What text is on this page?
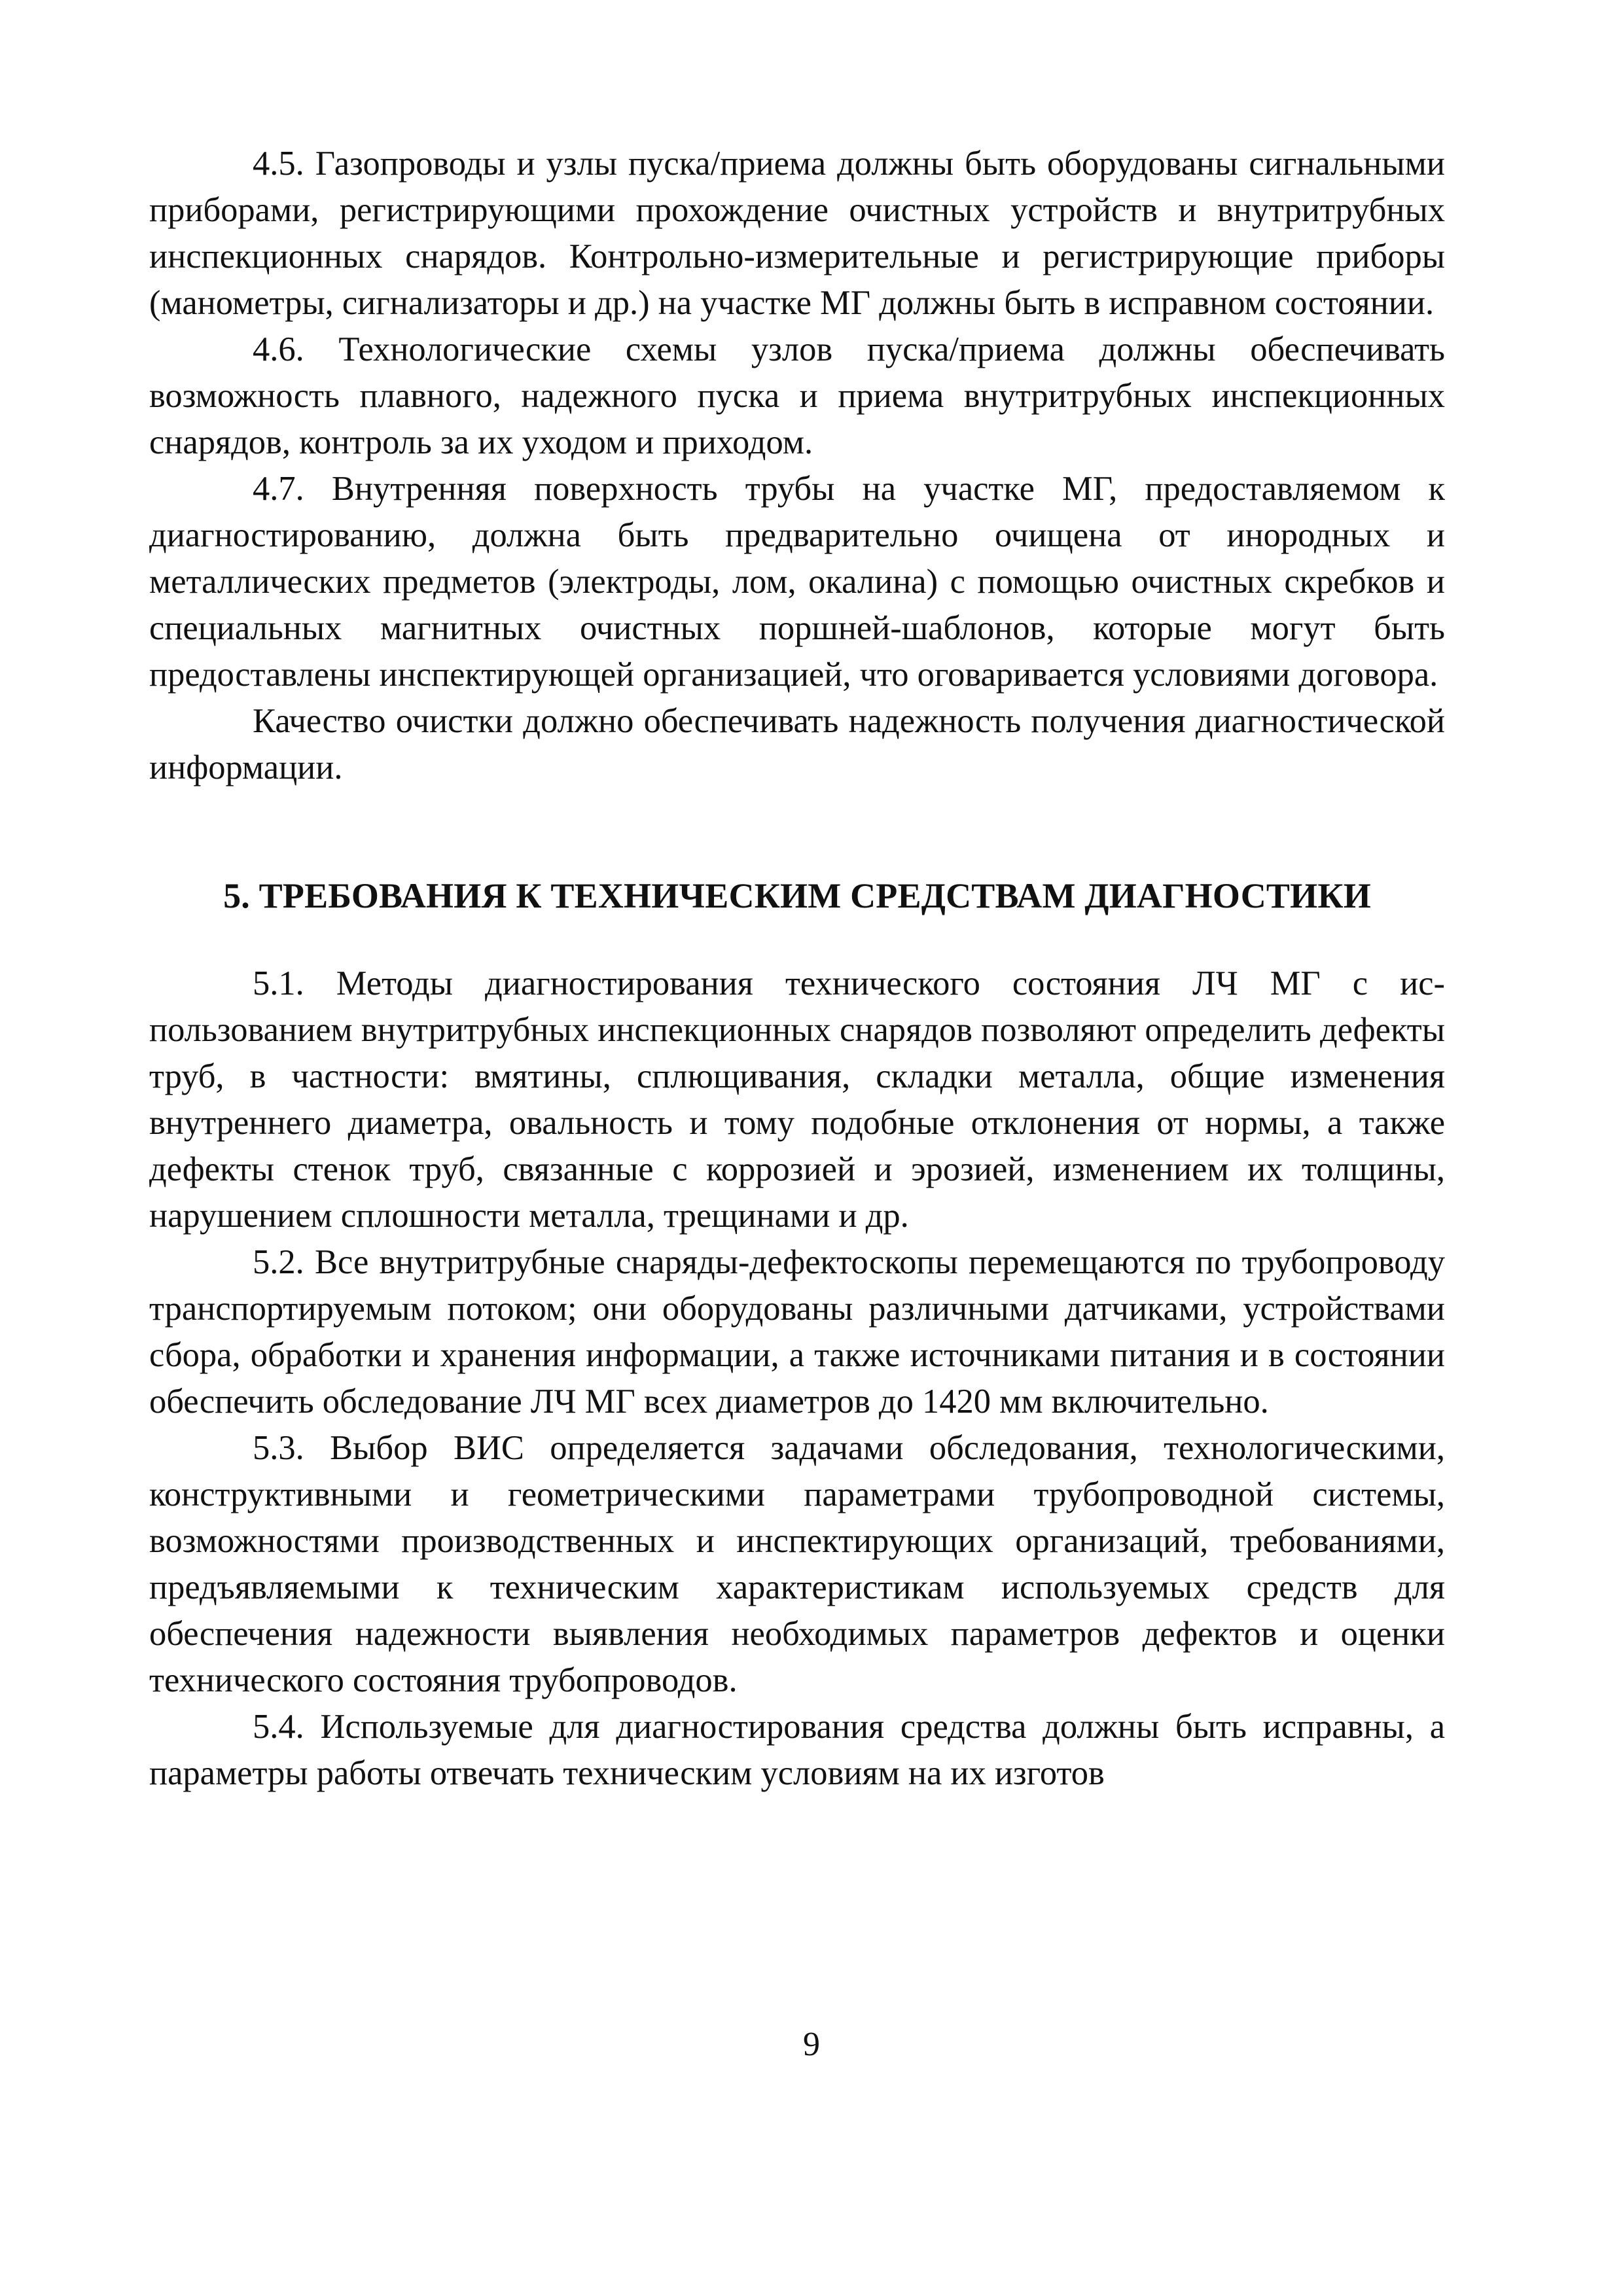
4.5. Газопроводы и узлы пуска/приема должны быть оборудованы сигнальными приборами, регистрирующими прохождение очистных устройств и внутритрубных инспекционных снарядов. Контрольно-измерительные и регистрирующие приборы (манометры, сигнализаторы и др.) на участке МГ должны быть в исправном состоянии.

4.6. Технологические схемы узлов пуска/приема должны обеспечивать возможность плавного, надежного пуска и приема внутритрубных инспекционных снарядов, контроль за их уходом и приходом.

4.7. Внутренняя поверхность трубы на участке МГ, предоставляемом к диагностированию, должна быть предварительно очищена от инородных и металлических предметов (электроды, лом, окалина) с помощью очистных скребков и специальных магнитных очистных поршней-шаблонов, которые могут быть предоставлены инспектирующей организацией, что оговаривается условиями договора.

Качество очистки должно обеспечивать надежность получения диагностической информации.

5. ТРЕБОВАНИЯ К ТЕХНИЧЕСКИМ СРЕДСТВАМ ДИАГНОСТИКИ

5.1. Методы диагностирования технического состояния ЛЧ МГ с использованием внутритрубных инспекционных снарядов позволяют определить дефекты труб, в частности: вмятины, сплющивания, складки металла, общие изменения внутреннего диаметра, овальность и тому подобные отклонения от нормы, а также дефекты стенок труб, связанные с коррозией и эрозией, изменением их толщины, нарушением сплошности металла, трещинами и др.

5.2. Все внутритрубные снаряды-дефектоскопы перемещаются по трубопроводу транспортируемым потоком; они оборудованы различными датчиками, устройствами сбора, обработки и хранения информации, а также источниками питания и в состоянии обеспечить обследование ЛЧ МГ всех диаметров до 1420 мм включительно.

5.3. Выбор ВИС определяется задачами обследования, технологическими, конструктивными и геометрическими параметрами трубопроводной системы, возможностями производственных и инспектирующих организаций, требованиями, предъявляемыми к техническим характеристикам используемых средств для обеспечения надежности выявления необходимых параметров дефектов и оценки технического состояния трубопроводов.

5.4. Используемые для диагностирования средства должны быть исправны, а параметры работы отвечать техническим условиям на их изготов

9
